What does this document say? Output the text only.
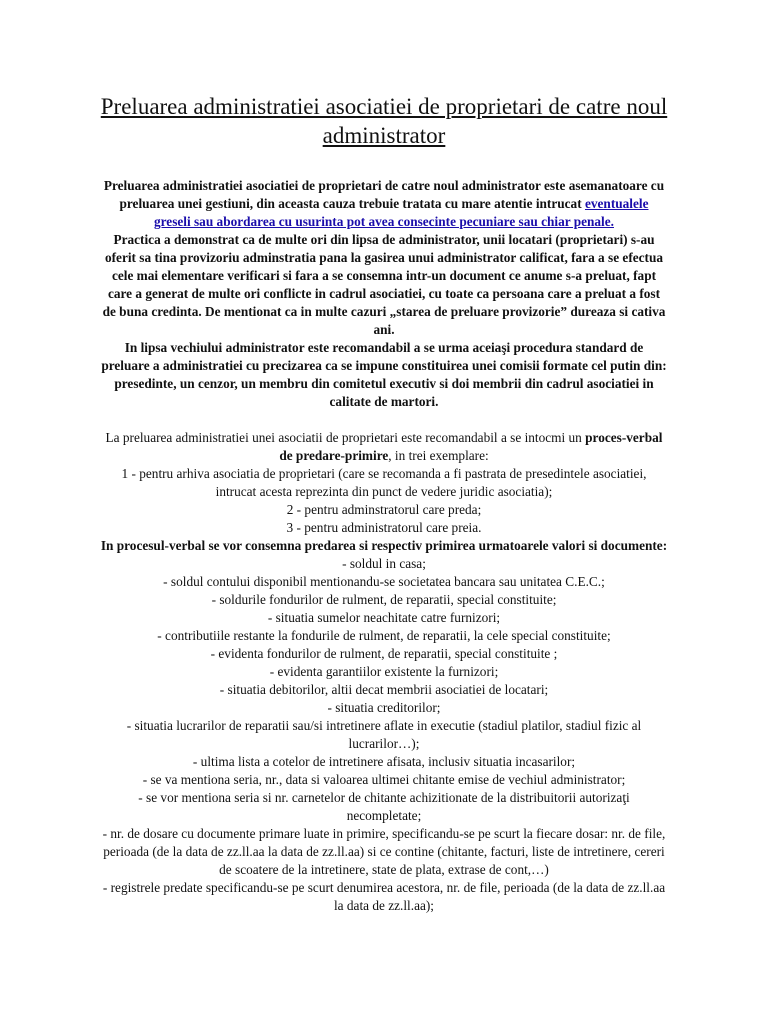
Preluarea administratiei asociatiei de proprietari de catre noul administrator

Preluarea administratiei asociatiei de proprietari de catre noul administrator este asemanatoare cu preluarea unei gestiuni, din aceasta cauza trebuie tratata cu mare atentie intrucat eventualele greseli sau abordarea cu usurinta pot avea consecinte pecuniare sau chiar penale.

Practica a demonstrat ca de multe ori din lipsa de administrator, unii locatari (proprietari) s-au oferit sa tina provizoriu adminstratia pana la gasirea unui administrator calificat, fara a se efectua cele mai elementare verificari si fara a se consemna intr-un document ce anume s-a preluat, fapt care a generat de multe ori conflicte in cadrul asociatiei, cu toate ca persoana care a preluat a fost de buna credinta. De mentionat ca in multe cazuri „starea de preluare provizorie” dureaza si cativa ani.

In lipsa vechiului administrator este recomandabil a se urma aceiaşi procedura standard de preluare a administratiei cu precizarea ca se impune constituirea unei comisii formate cel putin din: presedinte, un cenzor, un membru din comitetul executiv si doi membrii din cadrul asociatiei in calitate de martori.

La preluarea administratiei unei asociatii de proprietari este recomandabil a se intocmi un proces-verbal de predare-primire, in trei exemplare:

1 - pentru arhiva asociatia de proprietari (care se recomanda a fi pastrata de presedintele asociatiei, intrucat acesta reprezinta din punct de vedere juridic asociatia);

2 - pentru adminstratorul care preda;

3 - pentru administratorul care preia.

In procesul-verbal se vor consemna predarea si respectiv primirea urmatoarele valori si documente:

- soldul in casa;

- soldul contului disponibil mentionandu-se societatea bancara sau unitatea C.E.C.;

- soldurile fondurilor de rulment, de reparatii, special constituite;

- situatia sumelor neachitate catre furnizori;

- contributiile restante la fondurile de rulment, de reparatii, la cele special constituite;

- evidenta fondurilor de rulment, de reparatii, special constituite ;

- evidenta garantiilor existente la furnizori;

- situatia debitorilor, altii decat membrii asociatiei de locatari;

- situatia creditorilor;

- situatia lucrarilor de reparatii sau/si intretinere aflate in executie (stadiul platilor, stadiul fizic al lucrarilor…);

- ultima lista a cotelor de intretinere afisata, inclusiv situatia incasarilor;

- se va mentiona seria, nr., data si valoarea ultimei chitante emise de vechiul administrator;

- se vor mentiona seria si nr. carnetelor de chitante achizitionate de la distribuitorii autorizaţi necompletate;

- nr. de dosare cu documente primare luate in primire, specificandu-se pe scurt la fiecare dosar: nr. de file, perioada (de la data de zz.ll.aa la data de zz.ll.aa) si ce contine (chitante, facturi, liste de intretinere, cereri de scoatere de la intretinere, state de plata, extrase de cont,…)

- registrele predate specificandu-se pe scurt denumirea acestora, nr. de file, perioada (de la data de zz.ll.aa la data de zz.ll.aa);
